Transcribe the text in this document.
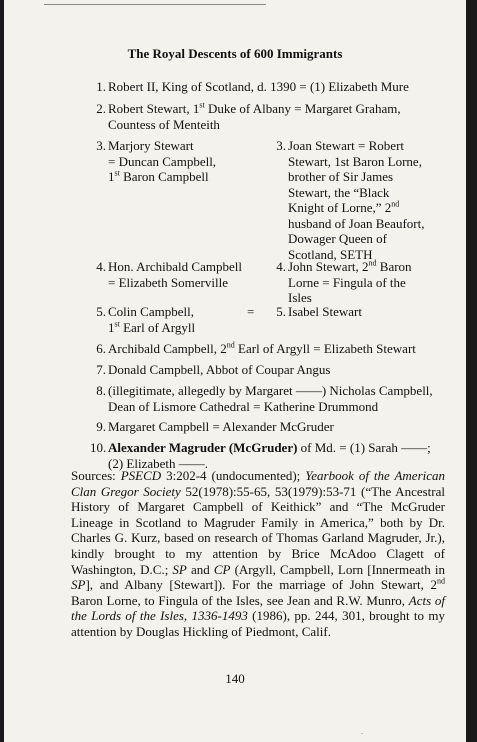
The Royal Descents of 600 Immigrants
1. Robert II, King of Scotland, d. 1390 = (1) Elizabeth Mure
2. Robert Stewart, 1st Duke of Albany = Margaret Graham,
Countess of Menteith
3. Marjory Stewart
= Duncan Campbell,
1st Baron Campbell
3. Joan Stewart = Robert
Stewart, 1st Baron Lorne,
brother of Sir James
Stewart, the “Black
Knight of Lorne,” 2nd
husband of Joan Beaufort,
Dowager Queen of
Scotland, SETH
4. Hon. Archibald Campbell
= Elizabeth Somerville
4. John Stewart, 2nd Baron
Lorne = Fingula of the
Isles
5. Colin Campbell,
1st Earl of Argyll
=	5. Isabel Stewart
6. Archibald Campbell, 2nd Earl of Argyll = Elizabeth Stewart
7. Donald Campbell, Abbot of Coupar Angus
8. (illegitimate, allegedly by Margaret ——) Nicholas Campbell,
Dean of Lismore Cathedral = Katherine Drummond
9. Margaret Campbell = Alexander McGruder
10. Alexander Magruder (McGruder) of Md. = (1) Sarah ——;
(2) Elizabeth ——.
Sources: PSECD 3:202-4 (undocumented); Yearbook of the American Clan Gregor Society 52(1978):55-65, 53(1979):53-71 (“The Ancestral History of Margaret Campbell of Keithick” and “The McGruder Lineage in Scotland to Magruder Family in America,” both by Dr. Charles G. Kurz, based on research of Thomas Garland Magruder, Jr.), kindly brought to my attention by Brice McAdoo Clagett of Washington, D.C.; SP and CP (Argyll, Campbell, Lorn [Innermeath in SP], and Albany [Stewart]). For the marriage of John Stewart, 2nd Baron Lorne, to Fingula of the Isles, see Jean and R.W. Munro, Acts of the Lords of the Isles, 1336-1493 (1986), pp. 244, 301, brought to my attention by Douglas Hickling of Piedmont, Calif.
140
.
